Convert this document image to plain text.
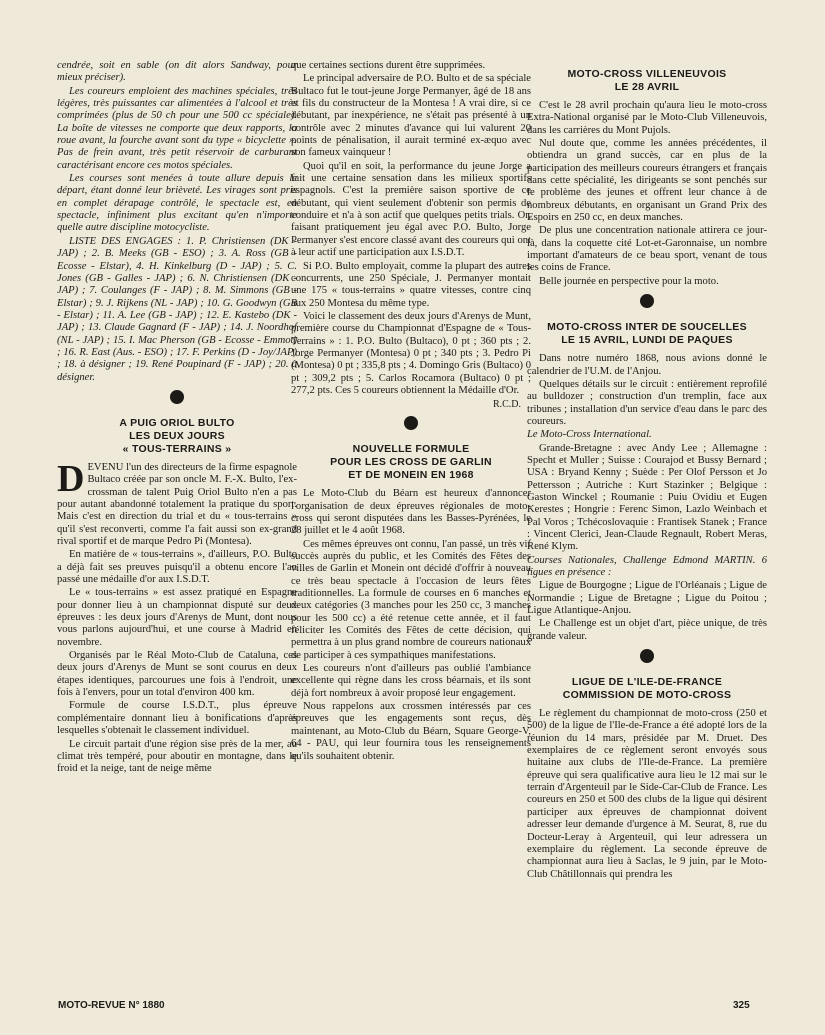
cendrée, soit en sable (on dit alors Sandway, pour mieux préciser).

Les coureurs emploient des machines spéciales, très légères, très puissantes car alimentées à l'alcool et très comprimées (plus de 50 ch pour une 500 cc spéciale). La boîte de vitesses ne comporte que deux rapports, la roue avant, la fourche avant sont du type « bicyclette ». Pas de frein avant, très petit réservoir de carburant caractérisant encore ces motos spéciales.

Les courses sont menées à toute allure depuis le départ, étant donné leur brièveté. Les virages sont pris en complet dérapage contrôlé, le spectacle est, en spectacle, infiniment plus excitant qu'en n'importe quelle autre discipline motocycliste.

LISTE DES ENGAGES : 1. P. Christiensen (DK - JAP) ; 2. B. Meeks (GB - ESO) ; 3. A. Ross (GB - Ecosse - Elstar), 4. H. Kinkelburg (D - JAP) ; 5. C. Jones (GB - Galles - JAP) ; 6. N. Christiensen (DK - JAP) ; 7. Coulanges (F - JAP) ; 8. M. Simmons (GB - Elstar) ; 9. J. Rijkens (NL - JAP) ; 10. G. Goodwyn (GB - Elstar) ; 11. A. Lee (GB - JAP) ; 12. E. Kastebo (DK - JAP) ; 13. Claude Gagnard (F - JAP) ; 14. J. Noordhof (NL - JAP) ; 15. I. Mac Pherson (GB - Ecosse - Emmot) ; 16. R. East (Aus. - ESO) ; 17. F. Perkins (D - Joy/JAP) ; 18. à désigner ; 19. René Poupinard (F - JAP) ; 20. à désigner.

A PUIG ORIOL BULTO
LES DEUX JOURS
« TOUS-TERRAINS »

DEVENU l'un des directeurs de la firme espagnole Bultaco créée par son oncle M. F.-X. Bulto, l'ex-crossman de talent Puig Oriol Bulto n'en a pas pour autant abandonné totalement la pratique du sport. Mais c'est en direction du trial et du « tous-terrains » qu'il s'est reconverti, comme l'a fait aussi son ex-grand rival sportif et de marque Pedro Pi (Montesa).

En matière de « tous-terrains », d'ailleurs, P.O. Bulto a déjà fait ses preuves puisqu'il a obtenu encore l'an passé une médaille d'or aux I.S.D.T.

Le « tous-terrains » est assez pratiqué en Espagne pour donner lieu à un championnat disputé sur deux épreuves : les deux jours d'Arenys de Munt, dont nous vous parlons aujourd'hui, et une course à Madrid en novembre.

Organisés par le Réal Moto-Club de Cataluna, ces deux jours d'Arenys de Munt se sont courus en deux étapes identiques, parcourues une fois à l'endroit, une fois à l'envers, pour un total d'environ 400 km.

Formule de course I.S.D.T., plus épreuve complémentaire donnant lieu à bonifications d'après lesquelles s'obtenait le classement individuel.

Le circuit partait d'une région sise près de la mer, au climat très tempéré, pour aboutir en montagne, dans le froid et la neige, tant de neige même

que certaines sections durent être supprimées.

Le principal adversaire de P.O. Bulto et de sa spéciale Bultaco fut le tout-jeune Jorge Permanyer, âgé de 18 ans et fils du constructeur de la Montesa ! A vrai dire, si ce débutant, par inexpérience, ne s'était pas présenté à un contrôle avec 2 minutes d'avance qui lui valurent 20 points de pénalisation, il aurait terminé ex-æquo avec son fameux vainqueur !

Quoi qu'il en soit, la performance du jeune Jorge a fait une certaine sensation dans les milieux sportifs espagnols. C'est la première saison sportive de ce débutant, qui vient seulement d'obtenir son permis de conduire et n'a à son actif que quelques petits trials. Or, faisant pratiquement jeu égal avec P.O. Bulto, Jorge Permanyer s'est encore classé avant des coureurs qui ont à leur actif une participation aux I.S.D.T.

Si P.O. Bulto employait, comme la plupart des autres concurrents, une 250 Spéciale, J. Permanyer montait une 175 « tous-terrains » quatre vitesses, contre cinq aux 250 Montesa du même type.

Voici le classement des deux jours d'Arenys de Munt, première course du Championnat d'Espagne de « Tous-Terrains » : 1. P.O. Bulto (Bultaco), 0 pt ; 360 pts ; 2. Jorge Permanyer (Montesa) 0 pt ; 340 pts ; 3. Pedro Pi (Montesa) 0 pt ; 335,8 pts ; 4. Domingo Gris (Bultaco) 0 pt ; 309,2 pts ; 5. Carlos Rocamora (Bultaco) 0 pt ; 277,2 pts. Ces 5 coureurs obtiennent la Médaille d'Or.

R.C.D.
NOUVELLE FORMULE
POUR LES CROSS DE GARLIN
ET DE MONEIN EN 1968

Le Moto-Club du Béarn est heureux d'annoncer l'organisation de deux épreuves régionales de moto-cross qui seront disputées dans les Basses-Pyrénées, le 28 juillet et le 4 août 1968.

Ces mêmes épreuves ont connu, l'an passé, un très vif succès auprès du public, et les Comités des Fêtes des villes de Garlin et Monein ont décidé d'offrir à nouveau ce très beau spectacle à l'occasion de leurs fêtes traditionnelles. La formule de courses en 6 manches et deux catégories (3 manches pour les 250 cc, 3 manches pour les 500 cc) a été retenue cette année, et il faut féliciter les Comités des Fêtes de cette décision, qui permettra à un plus grand nombre de coureurs nationaux de participer à ces sympathiques manifestations.

Les coureurs n'ont d'ailleurs pas oublié l'ambiance excellente qui règne dans les cross béarnais, et ils sont déjà fort nombreux à avoir proposé leur engagement.

Nous rappelons aux crossmen intéressés par ces épreuves que les engagements sont reçus, dès maintenant, au Moto-Club du Béarn, Square George-V, 64 - PAU, qui leur fournira tous les renseignements qu'ils souhaitent obtenir.

MOTO-CROSS VILLENEUVOIS
LE 28 AVRIL

C'est le 28 avril prochain qu'aura lieu le moto-cross Extra-National organisé par le Moto-Club Villeneuvois, dans les carrières du Mont Pujols.

Nul doute que, comme les années précédentes, il obtiendra un grand succès, car en plus de la participation des meilleurs coureurs étrangers et français dans cette spécialité, les dirigeants se sont penchés sur le problème des jeunes et offrent leur chance à de nombreux débutants, en organisant un Grand Prix des Espoirs en 250 cc, en deux manches.

De plus une concentration nationale attirera ce jour-là, dans la coquette cité Lot-et-Garonnaise, un nombre important d'amateurs de ce beau sport, venant de tous les coins de France.

Belle journée en perspective pour la moto.

MOTO-CROSS INTER DE SOUCELLES
LE 15 AVRIL, LUNDI DE PAQUES

Dans notre numéro 1868, nous avions donné le calendrier de l'U.M. de l'Anjou.

Quelques détails sur le circuit : entièrement reprofilé au bulldozer ; construction d'un tremplin, face aux tribunes ; installation d'un service d'eau dans le parc des coureurs.

Le Moto-Cross International.

Grande-Bretagne : avec Andy Lee ; Allemagne : Specht et Muller ; Suisse : Courajod et Bussy Bernard ; USA : Bryand Kenny ; Suède : Per Olof Persson et Jo Pettersson ; Autriche : Kurt Stazinker ; Belgique : Gaston Winckel ; Roumanie : Puiu Ovidiu et Eugen Kerestes ; Hongrie : Ferenc Simon, Lazlo Weinbach et Pal Voros ; Tchécoslovaquie : Frantisek Stanek ; France : Vincent Clerici, Jean-Claude Regnault, Robert Meras, René Klym.

Courses Nationales, Challenge Edmond MARTIN. 6 ligues en présence :

Ligue de Bourgogne ; Ligue de l'Orléanais ; Ligue de Normandie ; Ligue de Bretagne ; Ligue du Poitou ; Ligue Atlantique-Anjou.

Le Challenge est un objet d'art, pièce unique, de très grande valeur.

LIGUE DE L'ILE-DE-FRANCE
COMMISSION DE MOTO-CROSS

Le règlement du championnat de moto-cross (250 et 500) de la ligue de l'Ile-de-France a été adopté lors de la réunion du 14 mars, présidée par M. Druet. Des exemplaires de ce règlement seront envoyés sous huitaine aux clubs de l'Ile-de-France. La première épreuve qui sera qualificative aura lieu le 12 mai sur le terrain d'Argenteuil par le Side-Car-Club de France. Les coureurs en 250 et 500 des clubs de la ligue qui désirent participer aux épreuves de championnat doivent adresser leur demande d'urgence à M. Seurat, 8, rue du Docteur-Leray à Argenteuil, qui leur adressera un exemplaire du règlement. La seconde épreuve de championnat aura lieu à Saclas, le 9 juin, par le Moto-Club Châtillonnais qui prendra les

MOTO-REVUE N° 1880	325
